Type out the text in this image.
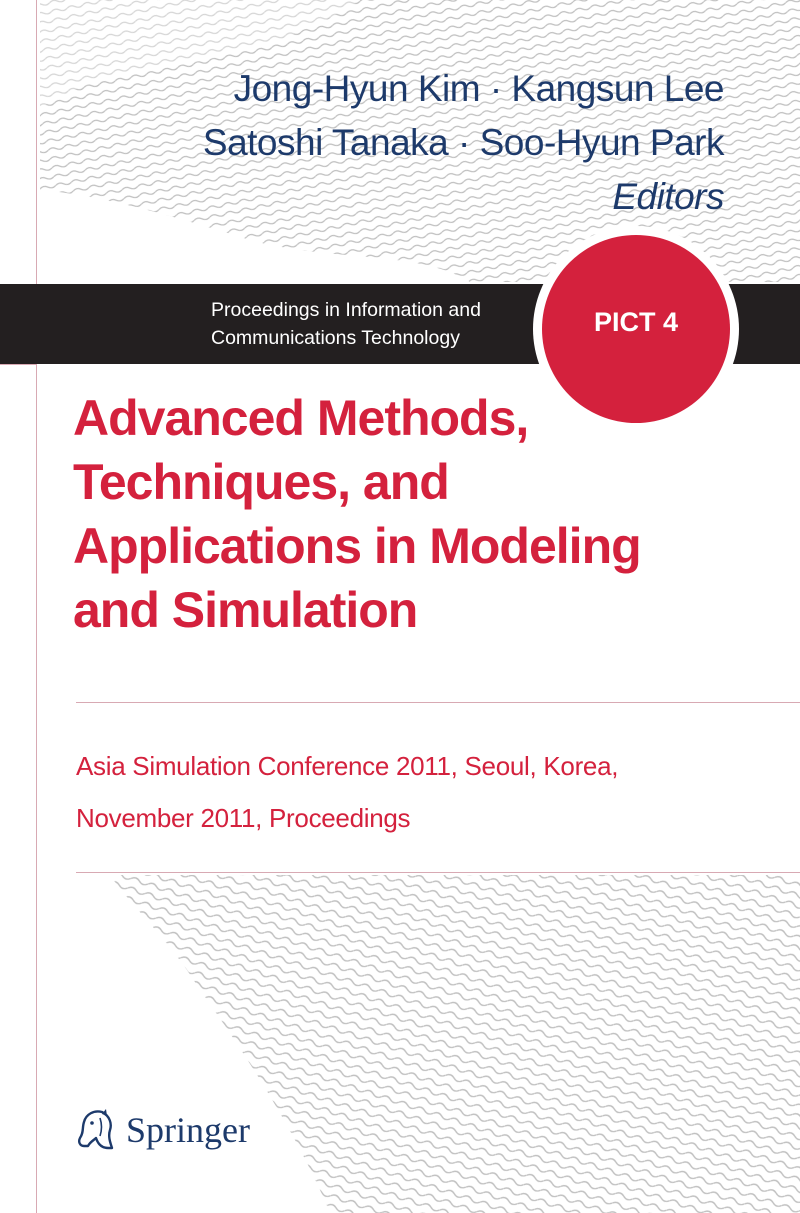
Jong-Hyun Kim · Kangsun Lee
Satoshi Tanaka · Soo-Hyun Park
Editors
Proceedings in Information and
Communications Technology
PICT 4
Advanced Methods,
Techniques, and
Applications in Modeling
and Simulation
Asia Simulation Conference 2011, Seoul, Korea,
November 2011, Proceedings
Springer
